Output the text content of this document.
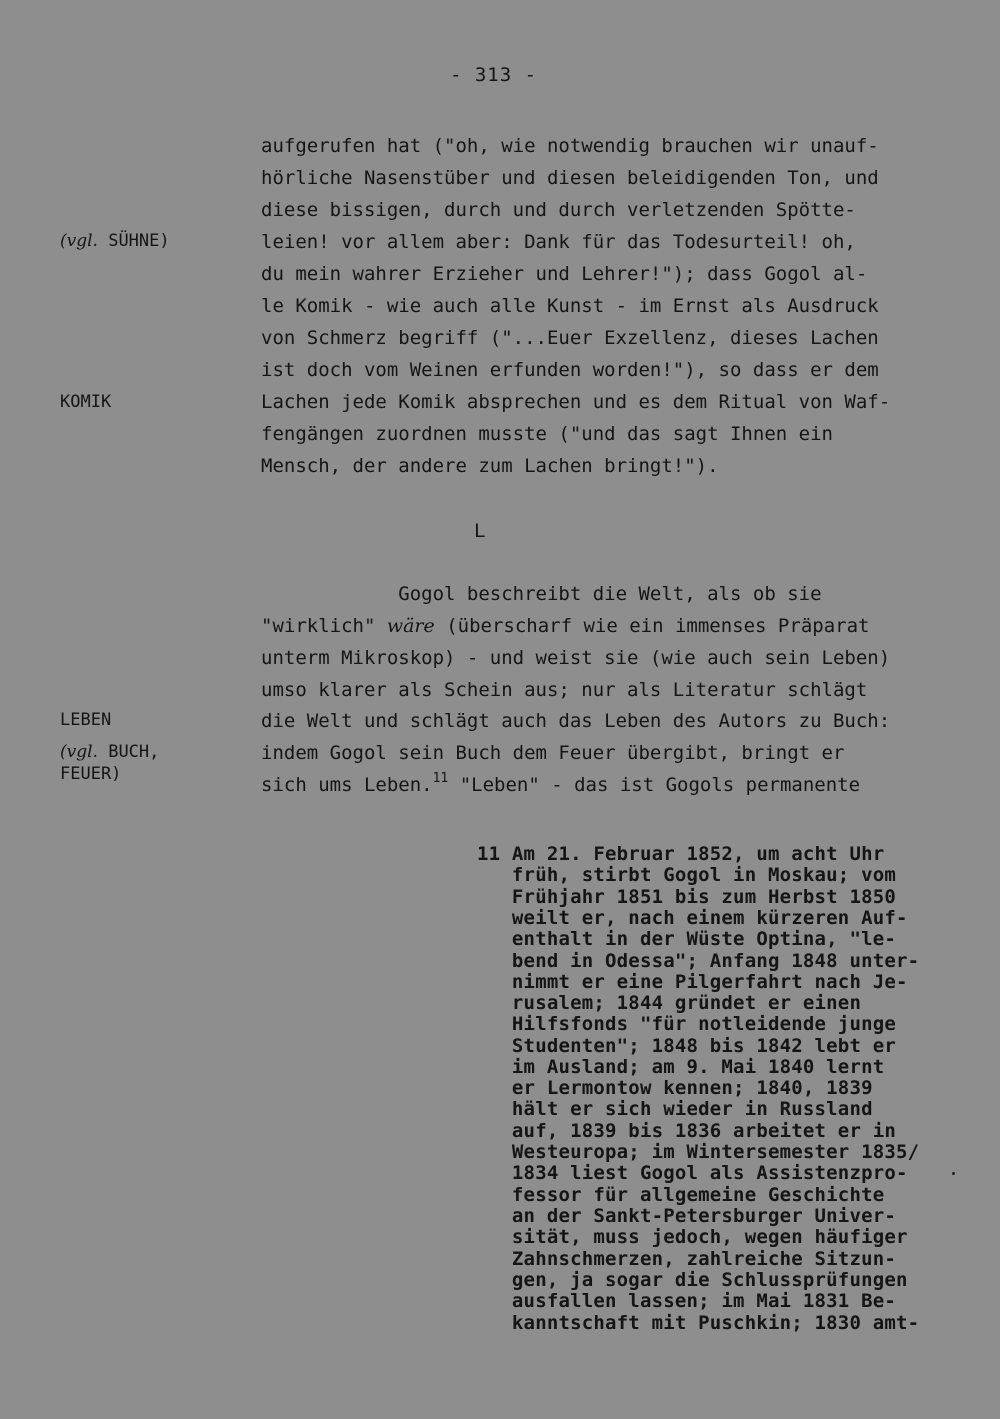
- 313 -
(vgl. SÜHNE)
KOMIK
LEBEN
(vgl. BUCH,
FEUER)
aufgerufen hat ("oh, wie notwendig brauchen wir unauf-
hörliche Nasenstüber und diesen beleidigenden Ton, und
diese bissigen, durch und durch verletzenden Spötte-
leien! vor allem aber: Dank für das Todesurteil! oh,
du mein wahrer Erzieher und Lehrer!"); dass Gogol al-
le Komik - wie auch alle Kunst - im Ernst als Ausdruck
von Schmerz begriff ("...Euer Exzellenz, dieses Lachen
ist doch vom Weinen erfunden worden!"), so dass er dem
Lachen jede Komik absprechen und es dem Ritual von Waf-
fengängen zuordnen musste ("und das sagt Ihnen ein
Mensch, der andere zum Lachen bringt!").
L
Gogol beschreibt die Welt, als ob sie
"wirklich" wäre (überscharf wie ein immenses Präparat
unterm Mikroskop) - und weist sie (wie auch sein Leben)
umso klarer als Schein aus; nur als Literatur schlägt
die Welt und schlägt auch das Leben des Autors zu Buch:
indem Gogol sein Buch dem Feuer übergibt, bringt er
sich ums Leben.$^{11}$ "Leben" - das ist Gogols permanente
11 Am 21. Februar 1852, um acht Uhr
früh, stirbt Gogol in Moskau; vom
Frühjahr 1851 bis zum Herbst 1850
weilt er, nach einem kürzeren Auf-
enthalt in der Wüste Optina, "le-
bend in Odessa"; Anfang 1848 unter-
nimmt er eine Pilgerfahrt nach Je-
rusalem; 1844 gründet er einen
Hilfsfonds "für notleidende junge
Studenten"; 1848 bis 1842 lebt er
im Ausland; am 9. Mai 1840 lernt
er Lermontow kennen; 1840, 1839
hält er sich wieder in Russland
auf, 1839 bis 1836 arbeitet er in
Westeuropa; im Wintersemester 1835/
1834 liest Gogol als Assistenzpro-
fessor für allgemeine Geschichte
an der Sankt-Petersburger Univer-
sität, muss jedoch, wegen häufiger
Zahnschmerzen, zahlreiche Sitzun-
gen, ja sogar die Schlussprüfungen
ausfallen lassen; im Mai 1831 Be-
kanntschaft mit Puschkin; 1830 amt-
